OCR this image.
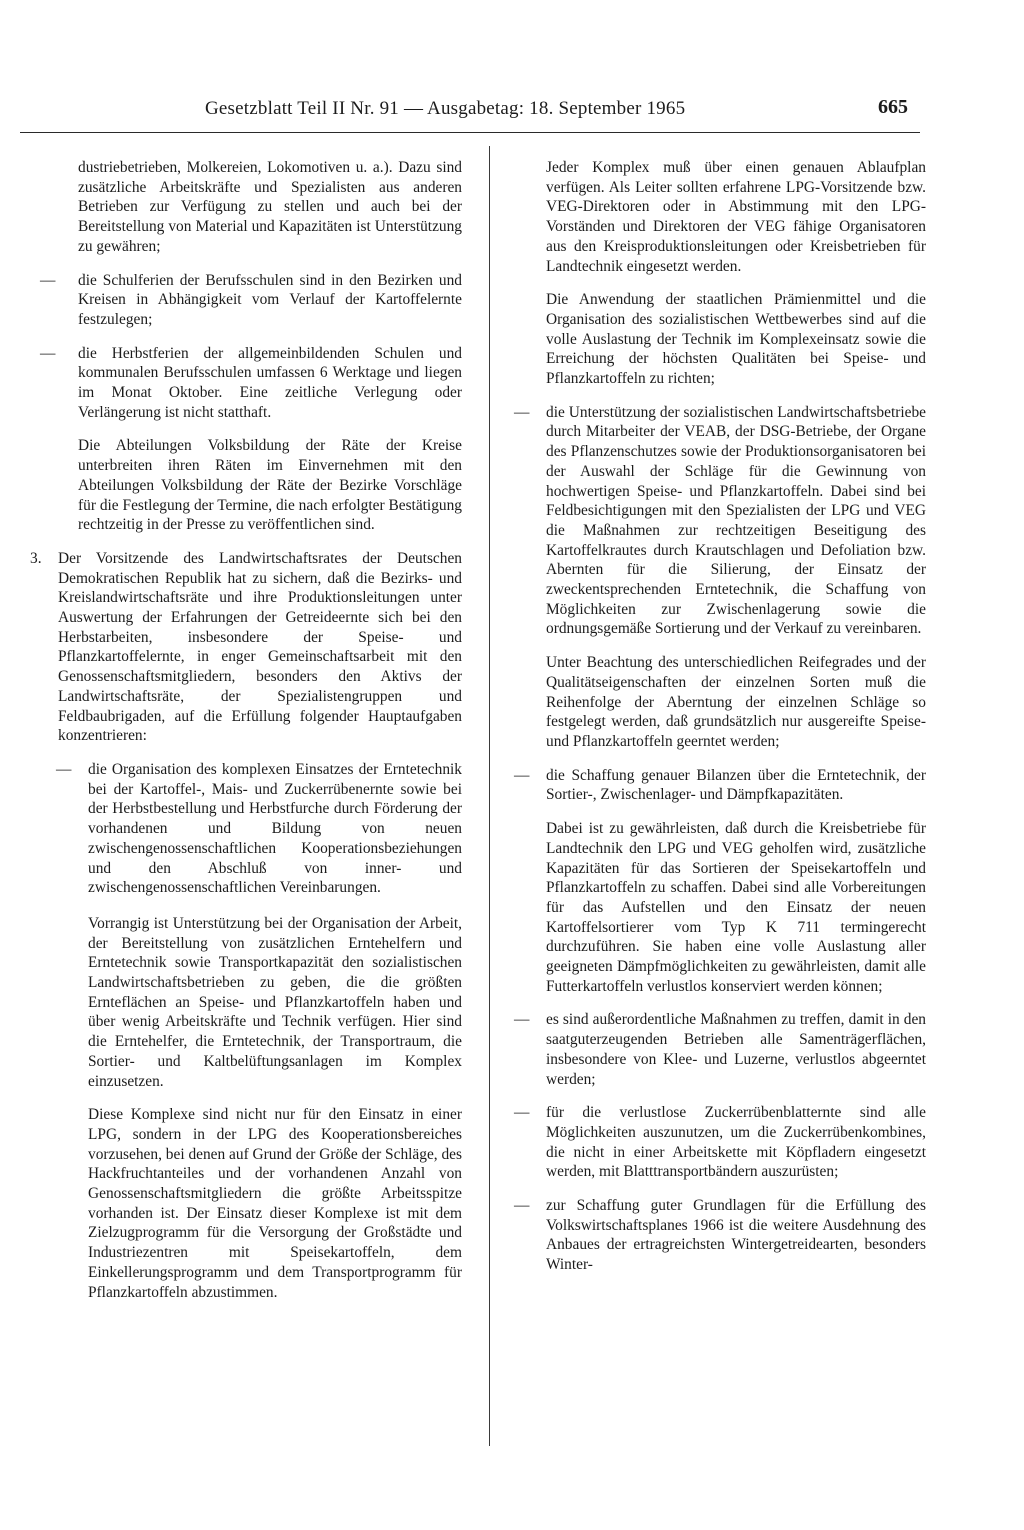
Gesetzblatt Teil II Nr. 91 — Ausgabetag: 18. September 1965	665

dustriebetrieben, Molkereien, Lokomotiven u. a.). Dazu sind zusätzliche Arbeitskräfte und Spezialisten aus anderen Betrieben zur Verfügung zu stellen und auch bei der Bereitstellung von Material und Kapazitäten ist Unterstützung zu gewähren;

—	die Schulferien der Berufsschulen sind in den Bezirken und Kreisen in Abhängigkeit vom Verlauf der Kartoffelernte festzulegen;
—	die Herbstferien der allgemeinbildenden Schulen und kommunalen Berufsschulen umfassen 6 Werktage und liegen im Monat Oktober. Eine zeitliche Verlegung oder Verlängerung ist nicht statthaft.

Die Abteilungen Volksbildung der Räte der Kreise unterbreiten ihren Räten im Einvernehmen mit den Abteilungen Volksbildung der Räte der Bezirke Vorschläge für die Festlegung der Termine, die nach erfolgter Bestätigung rechtzeitig in der Presse zu veröffentlichen sind.

3. Der Vorsitzende des Landwirtschaftsrates der Deutschen Demokratischen Republik hat zu sichern, daß die Bezirks- und Kreislandwirtschaftsräte und ihre Produktionsleitungen unter Auswertung der Erfahrungen der Getreideernte sich bei den Herbstarbeiten, insbesondere der Speise- und Pflanzkartoffelernte, in enger Gemeinschaftsarbeit mit den Genossenschaftsmitgliedern, besonders den Aktivs der Landwirtschaftsräte, der Spezialistengruppen und Feldbaubrigaden, auf die Erfüllung folgender Hauptaufgaben konzentrieren:
— die Organisation des komplexen Einsatzes der Erntetechnik bei der Kartoffel-, Mais- und Zuckerrübenernte sowie bei der Herbstbestellung und Herbstfurche durch Förderung der vorhandenen und Bildung von neuen zwischengenossenschaftlichen Kooperationsbeziehungen und den Abschluß von inner- und zwischengenossenschaftlichen Vereinbarungen.

Vorrangig ist Unterstützung bei der Organisation der Arbeit, der Bereitstellung von zusätzlichen Erntehelfern und Erntetechnik sowie Transportkapazität den sozialistischen Landwirtschaftsbetrieben zu geben, die die größten Ernteflächen an Speise- und Pflanzkartoffeln haben und über wenig Arbeitskräfte und Technik verfügen. Hier sind die Erntehelfer, die Erntetechnik, der Transportraum, die Sortier- und Kaltbelüftungsanlagen im Komplex einzusetzen.

Diese Komplexe sind nicht nur für den Einsatz in einer LPG, sondern in der LPG des Kooperationsbereiches vorzusehen, bei denen auf Grund der Größe der Schläge, des Hackfruchtanteiles und der vorhandenen Anzahl von Genossenschaftsmitgliedern die größte Arbeitsspitze vorhanden ist. Der Einsatz dieser Komplexe ist mit dem Zielzugprogramm für die Versorgung der Großstädte und Industriezentren mit Speisekartoffeln, dem Einkellerungsprogramm und dem Transportprogramm für Pflanzkartoffeln abzustimmen.

Jeder Komplex muß über einen genauen Ablaufplan verfügen. Als Leiter sollten erfahrene LPG-Vorsitzende bzw. VEG-Direktoren oder in Abstimmung mit den LPG-Vorständen und Direktoren der VEG fähige Organisatoren aus den Kreisproduktionsleitungen oder Kreisbetrieben für Landtechnik eingesetzt werden.

Die Anwendung der staatlichen Prämienmittel und die Organisation des sozialistischen Wettbewerbes sind auf die volle Auslastung der Technik im Komplexeinsatz sowie die Erreichung der höchsten Qualitäten bei Speise- und Pflanzkartoffeln zu richten;

— die Unterstützung der sozialistischen Landwirtschaftsbetriebe durch Mitarbeiter der VEAB, der DSG-Betriebe, der Organe des Pflanzenschutzes sowie der Produktionsorganisatoren bei der Auswahl der Schläge für die Gewinnung von hochwertigen Speise- und Pflanzkartoffeln. Dabei sind bei Feldbesichtigungen mit den Spezialisten der LPG und VEG die Maßnahmen zur rechtzeitigen Beseitigung des Kartoffelkrautes durch Krautschlagen und Defoliation bzw. Abernten für die Silierung, der Einsatz der zweckentsprechenden Erntetechnik, die Schaffung von Möglichkeiten zur Zwischenlagerung sowie die ordnungsgemäße Sortierung und der Verkauf zu vereinbaren.

Unter Beachtung des unterschiedlichen Reifegrades und der Qualitätseigenschaften der einzelnen Sorten muß die Reihenfolge der Aberntung der einzelnen Schläge so festgelegt werden, daß grundsätzlich nur ausgereifte Speise- und Pflanzkartoffeln geerntet werden;

— die Schaffung genauer Bilanzen über die Erntetechnik, der Sortier-, Zwischenlager- und Dämpfkapazitäten.

Dabei ist zu gewährleisten, daß durch die Kreisbetriebe für Landtechnik den LPG und VEG geholfen wird, zusätzliche Kapazitäten für das Sortieren der Speisekartoffeln und Pflanzkartoffeln zu schaffen. Dabei sind alle Vorbereitungen für das Aufstellen und den Einsatz der neuen Kartoffelsortierer vom Typ K 711 termingerecht durchzuführen. Sie haben eine volle Auslastung aller geeigneten Dämpfmöglichkeiten zu gewährleisten, damit alle Futterkartoffeln verlustlos konserviert werden können;

— es sind außerordentliche Maßnahmen zu treffen, damit in den saatguterzeugenden Betrieben alle Samenträgerflächen, insbesondere von Klee- und Luzerne, verlustlos abgeerntet werden;
— für die verlustlose Zuckerrübenblatternte sind alle Möglichkeiten auszunutzen, um die Zuckerrübenkombines, die nicht in einer Arbeitskette mit Köpfladern eingesetzt werden, mit Blatttransportbändern auszurüsten;
— zur Schaffung guter Grundlagen für die Erfüllung des Volkswirtschaftsplanes 1966 ist die weitere Ausdehnung des Anbaues der ertragreichsten Wintergetreidearten, besonders Winter-
